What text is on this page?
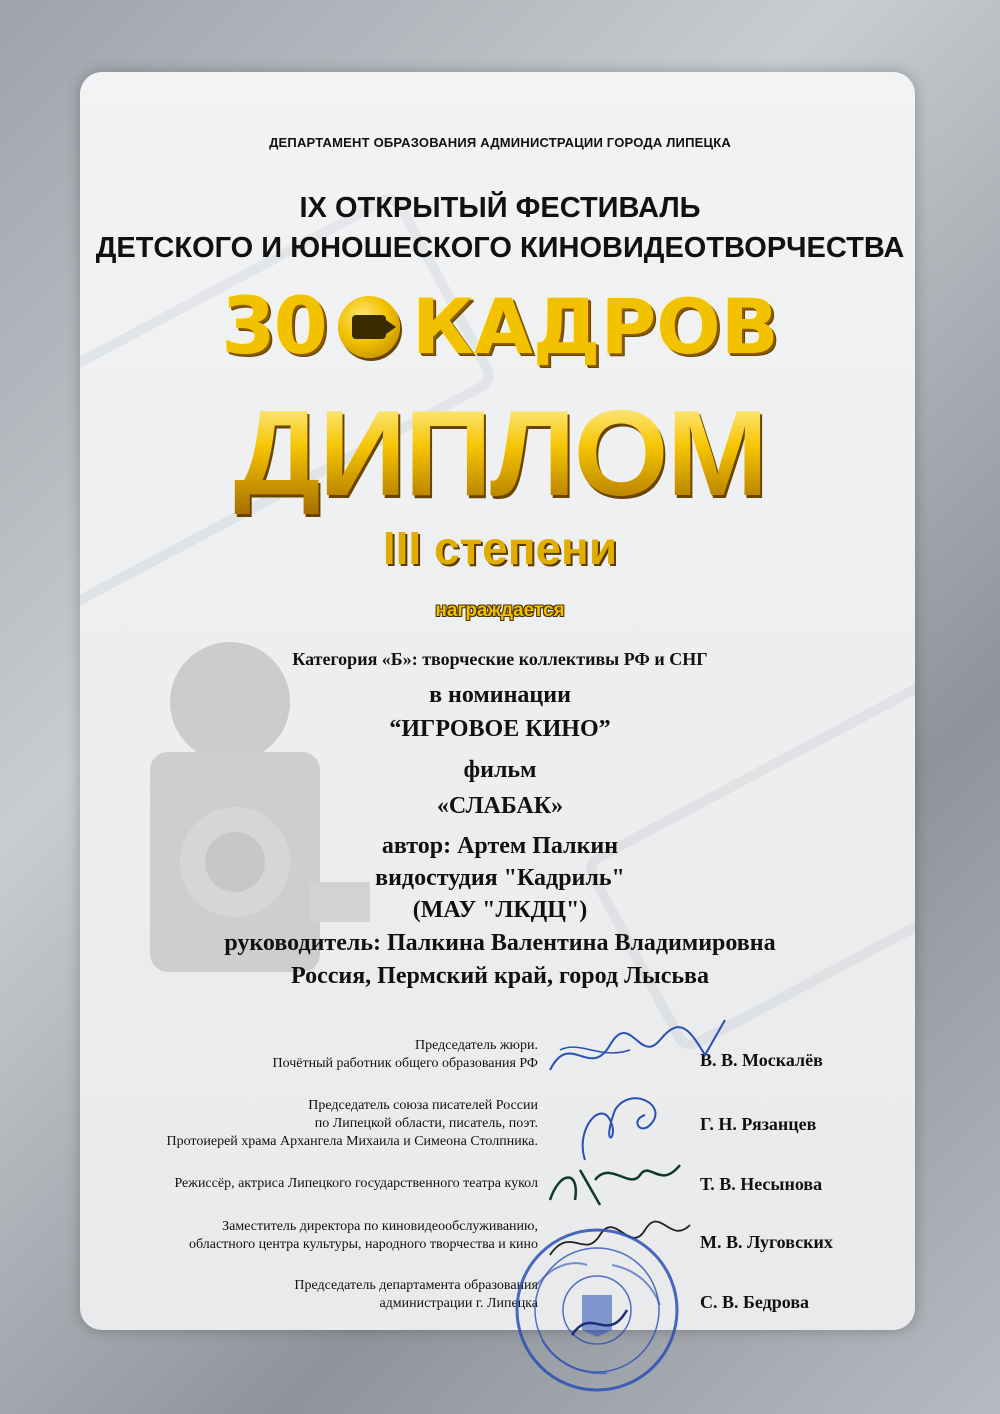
ДЕПАРТАМЕНТ ОБРАЗОВАНИЯ АДМИНИСТРАЦИИ ГОРОДА ЛИПЕЦКА
IX ОТКРЫТЫЙ ФЕСТИВАЛЬ
ДЕТСКОГО И ЮНОШЕСКОГО КИНОВИДЕОТВОРЧЕСТВА
30 КАДРОВ
ДИПЛОМ
III степени
награждается
Категория «Б»: творческие коллективы РФ и СНГ
в номинации
“ИГРОВОЕ КИНО”
фильм
«СЛАБАК»
автор: Артем Палкин
видостудия "Кадриль"
(МАУ "ЛКДЦ")
руководитель: Палкина Валентина Владимировна
Россия, Пермский край, город Лысьва
Председатель жюри.
Почётный работник общего образования РФ	В. В. Москалёв
Председатель союза писателей России
по Липецкой области, писатель, поэт.
Протоиерей храма Архангела Михаила и Симеона Столпника.
Г. Н. Рязанцев
Режиссёр, актриса Липецкого государственного театра кукол	Т. В. Несынова
Заместитель директора по киновидеообслуживанию,
областного центра культуры, народного творчества и кино	М. В. Луговских
Председатель департамента образования
администрации г. Липецка	С. В. Бедрова
